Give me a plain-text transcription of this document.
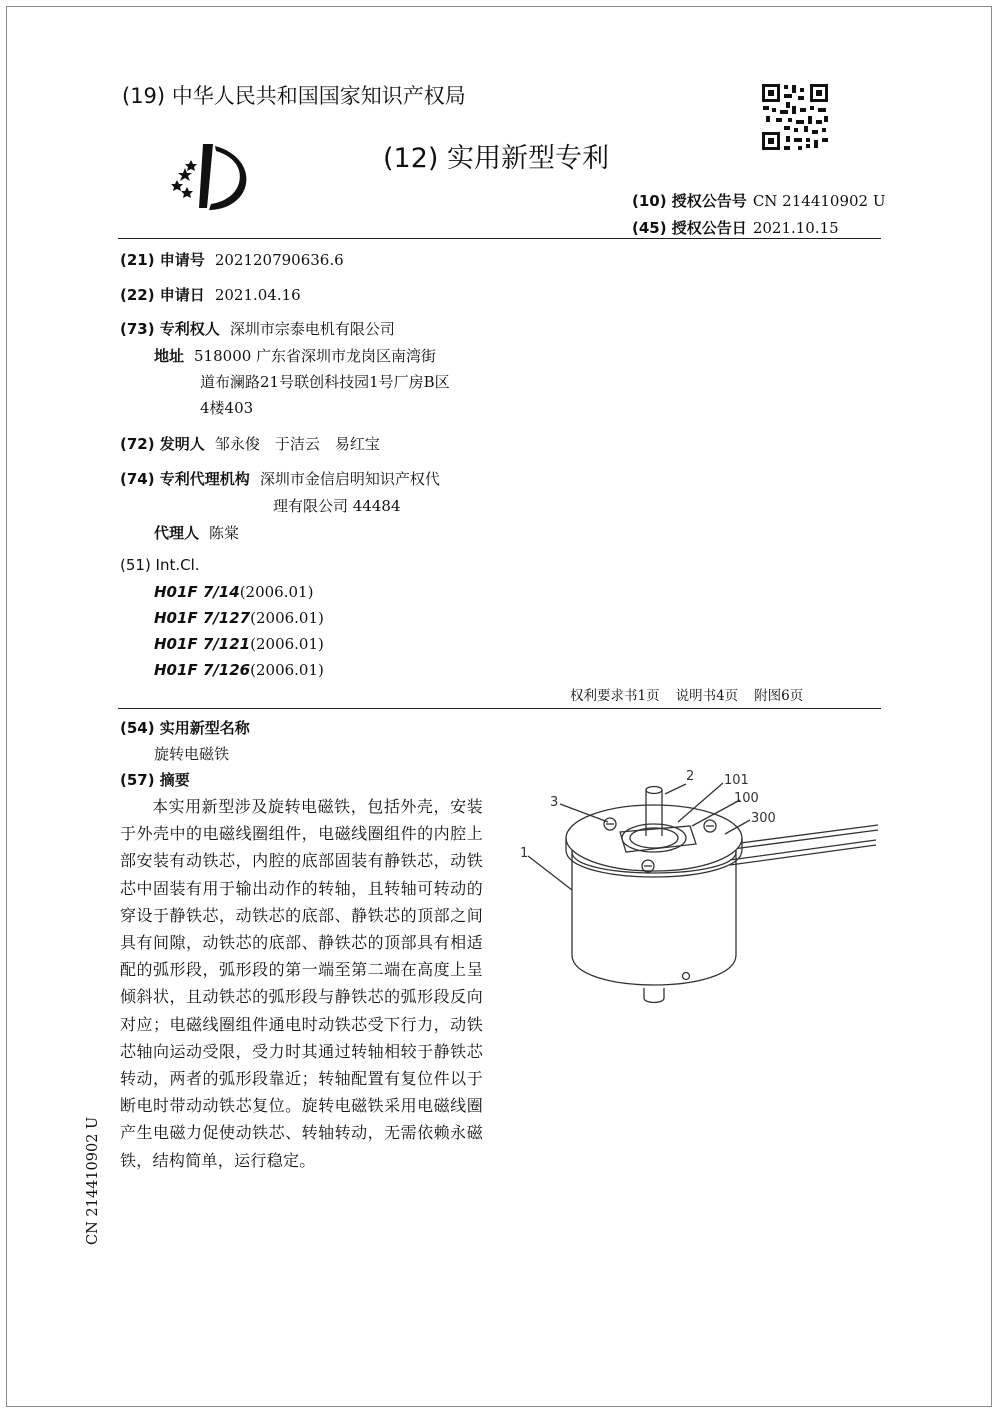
(19) 中华人民共和国国家知识产权局
(12) 实用新型专利
(10) 授权公告号 CN 214410902 U
(45) 授权公告日 2021.10.15
(21) 申请号 202120790636.6
(22) 申请日 2021.04.16
(73) 专利权人 深圳市宗泰电机有限公司
地址 518000 广东省深圳市龙岗区南湾街
道布澜路21号联创科技园1号厂房B区
4楼403
(72) 发明人 邹永俊　于洁云　易红宝
(74) 专利代理机构 深圳市金信启明知识产权代
理有限公司 44484
代理人 陈棠
(51) Int.Cl.
H01F 7/14(2006.01)
H01F 7/127(2006.01)
H01F 7/121(2006.01)
H01F 7/126(2006.01)
权利要求书1页 说明书4页 附图6页
(54) 实用新型名称
旋转电磁铁
(57) 摘要
本实用新型涉及旋转电磁铁，包括外壳，安装于外壳中的电磁线圈组件，电磁线圈组件的内腔上部安装有动铁芯，内腔的底部固装有静铁芯，动铁芯中固装有用于输出动作的转轴，且转轴可转动的穿设于静铁芯，动铁芯的底部、静铁芯的顶部之间具有间隙，动铁芯的底部、静铁芯的顶部具有相适配的弧形段，弧形段的第一端至第二端在高度上呈倾斜状，且动铁芯的弧形段与静铁芯的弧形段反向对应；电磁线圈组件通电时动铁芯受下行力，动铁芯轴向运动受限，受力时其通过转轴相较于静铁芯转动，两者的弧形段靠近；转轴配置有复位件以于断电时带动动铁芯复位。旋转电磁铁采用电磁线圈产生电磁力促使动铁芯、转轴转动，无需依赖永磁铁，结构简单，运行稳定。
2 101
100
300
3
1
CN 214410902 U
